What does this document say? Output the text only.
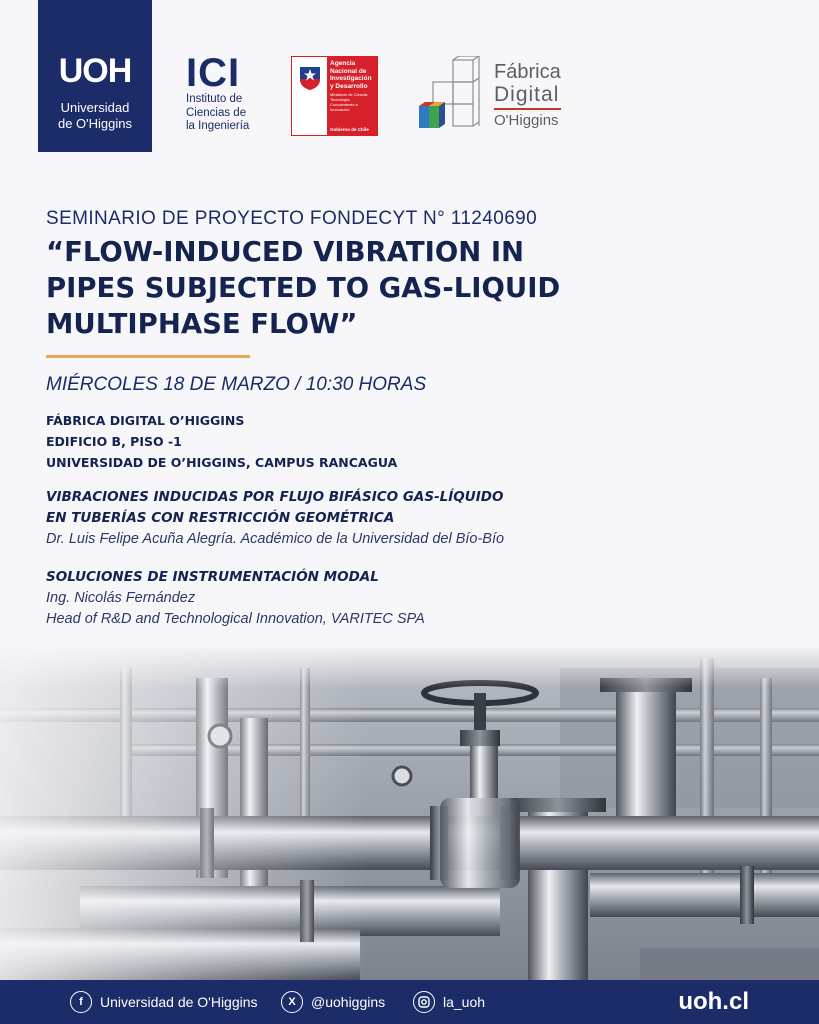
UOH
Universidad
de O'Higgins
ICI
Instituto de
Ciencias de
la Ingeniería
Agencia Nacional de Investigación y Desarrollo
Ministerio de Ciencia, Tecnología, Conocimiento e Innovación
Gobierno de Chile
Fábrica
Digital
O'Higgins
SEMINARIO DE PROYECTO FONDECYT N° 11240690
“FLOW-INDUCED VIBRATION IN
PIPES SUBJECTED TO GAS-LIQUID
MULTIPHASE FLOW”
MIÉRCOLES 18 DE MARZO / 10:30 HORAS
FÁBRICA DIGITAL O’HIGGINS
EDIFICIO B, PISO -1
UNIVERSIDAD DE O’HIGGINS, CAMPUS RANCAGUA
VIBRACIONES INDUCIDAS POR FLUJO BIFÁSICO GAS-LÍQUIDO
EN TUBERÍAS CON RESTRICCIÓN GEOMÉTRICA
Dr. Luis Felipe Acuña Alegría. Académico de la Universidad del Bío-Bío
SOLUCIONES DE INSTRUMENTACIÓN MODAL
Ing. Nicolás Fernández
Head of R&D and Technological Innovation, VARITEC SPA
f	Universidad de O'Higgins	X	@uohiggins	la_uoh	uoh.cl
